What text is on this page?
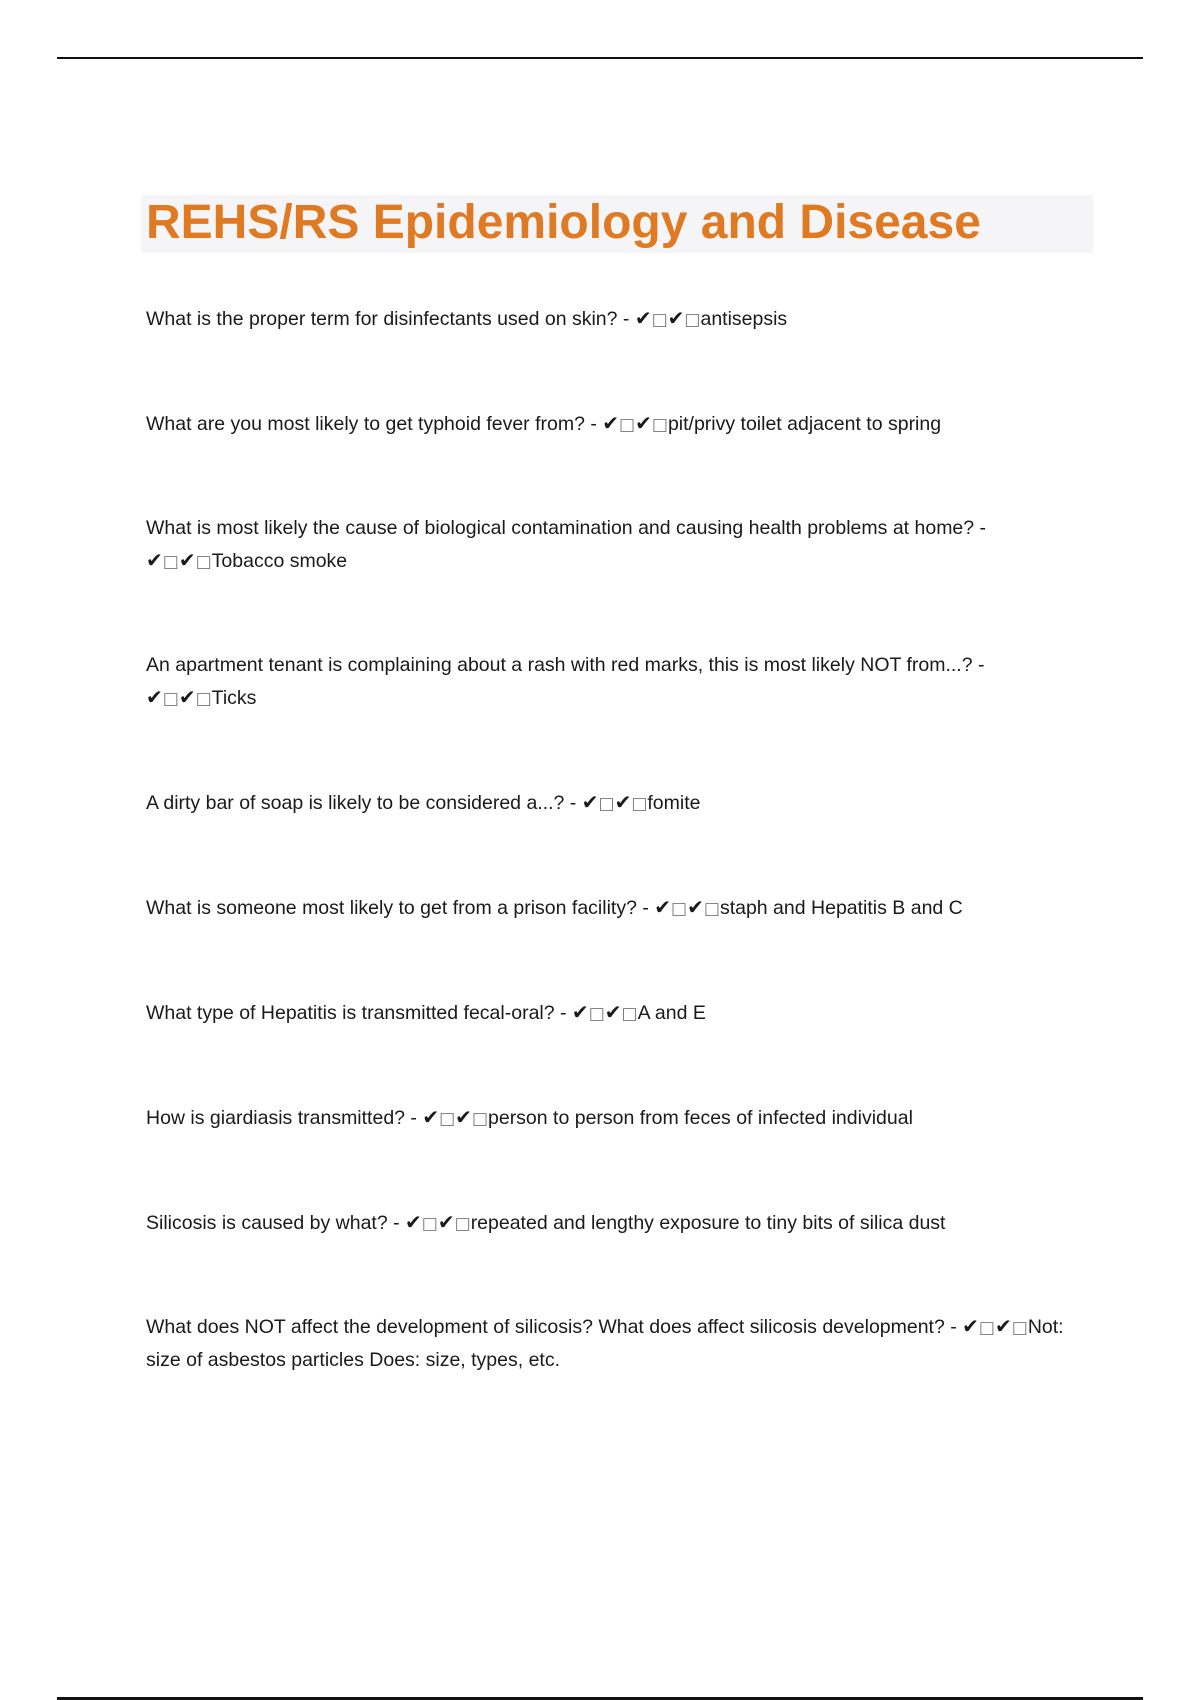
REHS/RS Epidemiology and Disease
What is the proper term for disinfectants used on skin? - ✔□✔□antisepsis
What are you most likely to get typhoid fever from? - ✔□✔□pit/privy toilet adjacent to spring
What is most likely the cause of biological contamination and causing health problems at home? - ✔□✔□Tobacco smoke
An apartment tenant is complaining about a rash with red marks, this is most likely NOT from...? - ✔□✔□Ticks
A dirty bar of soap is likely to be considered a...? - ✔□✔□fomite
What is someone most likely to get from a prison facility? - ✔□✔□staph and Hepatitis B and C
What type of Hepatitis is transmitted fecal-oral? - ✔□✔□A and E
How is giardiasis transmitted? - ✔□✔□person to person from feces of infected individual
Silicosis is caused by what? - ✔□✔□repeated and lengthy exposure to tiny bits of silica dust
What does NOT affect the development of silicosis? What does affect silicosis development? - ✔□✔□Not: size of asbestos particles Does: size, types, etc.
